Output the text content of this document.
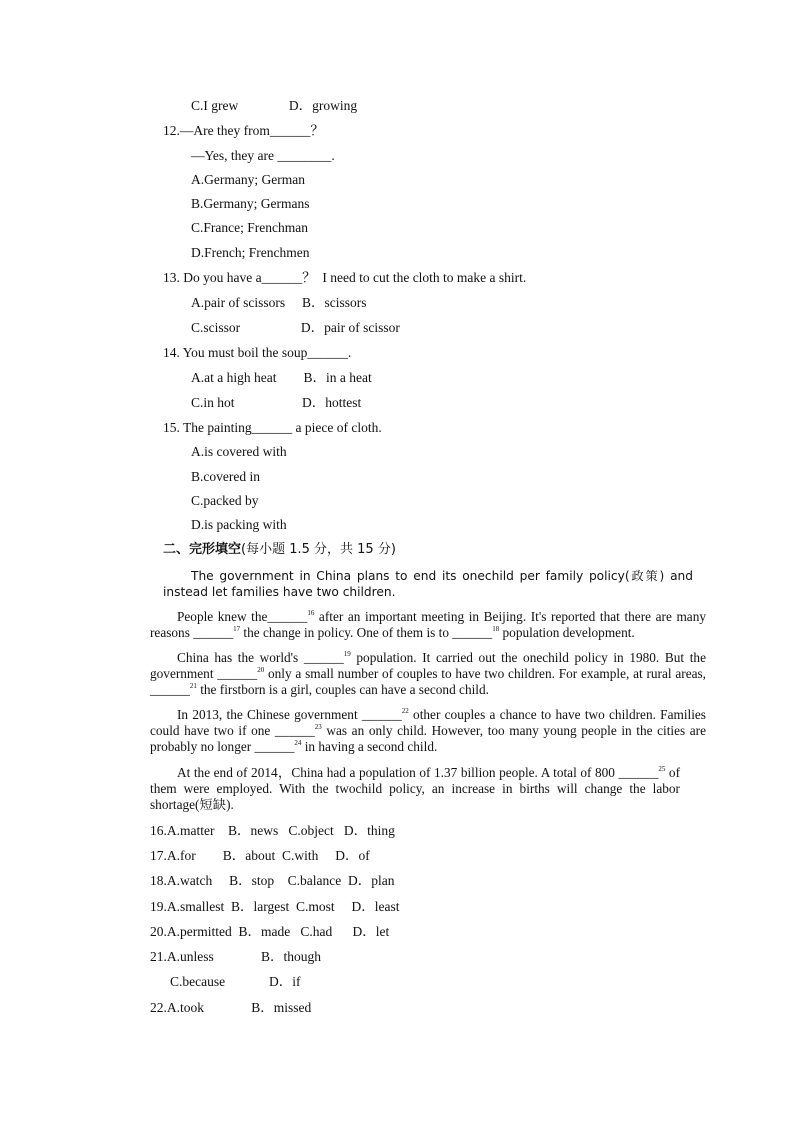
C.I grew               D．growing
12.—Are they from______？
—Yes, they are ________.
A.Germany; German
B.Germany; Germans
C.France; Frenchman
D.French; Frenchmen
13. Do you have a______？  I need to cut the cloth to make a shirt.
A.pair of scissors     B．scissors
C.scissor                  D．pair of scissor
14. You must boil the soup______.
A.at a high heat        B．in a heat
C.in hot                    D．hottest
15. The painting______ a piece of cloth.
A.is covered with
B.covered in
C.packed by
D.is packing with
二、完形填空(每小题 1.5 分，共 15 分)
The government in China plans to end its onechild per family policy(政策) and instead let families have two children.
People knew the______$^{16}$ after an important meeting in Beijing. It's reported that there are many reasons ______$^{17}$ the change in policy. One of them is to ______$^{18}$ population development.
China has the world's ______$^{19}$ population. It carried out the onechild policy in 1980. But the government ______$^{20}$ only a small number of couples to have two children. For example, at rural areas, ______$^{21}$ the firstborn is a girl, couples can have a second child.
In 2013, the Chinese government ______$^{22}$ other couples a chance to have two children. Families could have two if one ______$^{23}$ was an only child. However, too many young people in the cities are probably no longer ______$^{24}$ in having a second child.
At the end of 2014，China had a population of 1.37 billion people. A total of 800 ______$^{25}$ of them were employed. With the twochild policy, an increase in births will change the labor shortage(短缺).
16.A.matter    B．news   C.object   D．thing
17.A.for        B．about  C.with     D．of
18.A.watch     B．stop    C.balance  D．plan
19.A.smallest  B．largest  C.most     D．least
20.A.permitted  B．made   C.had      D．let
21.A.unless              B．though
C.because             D．if
22.A.took              B．missed
